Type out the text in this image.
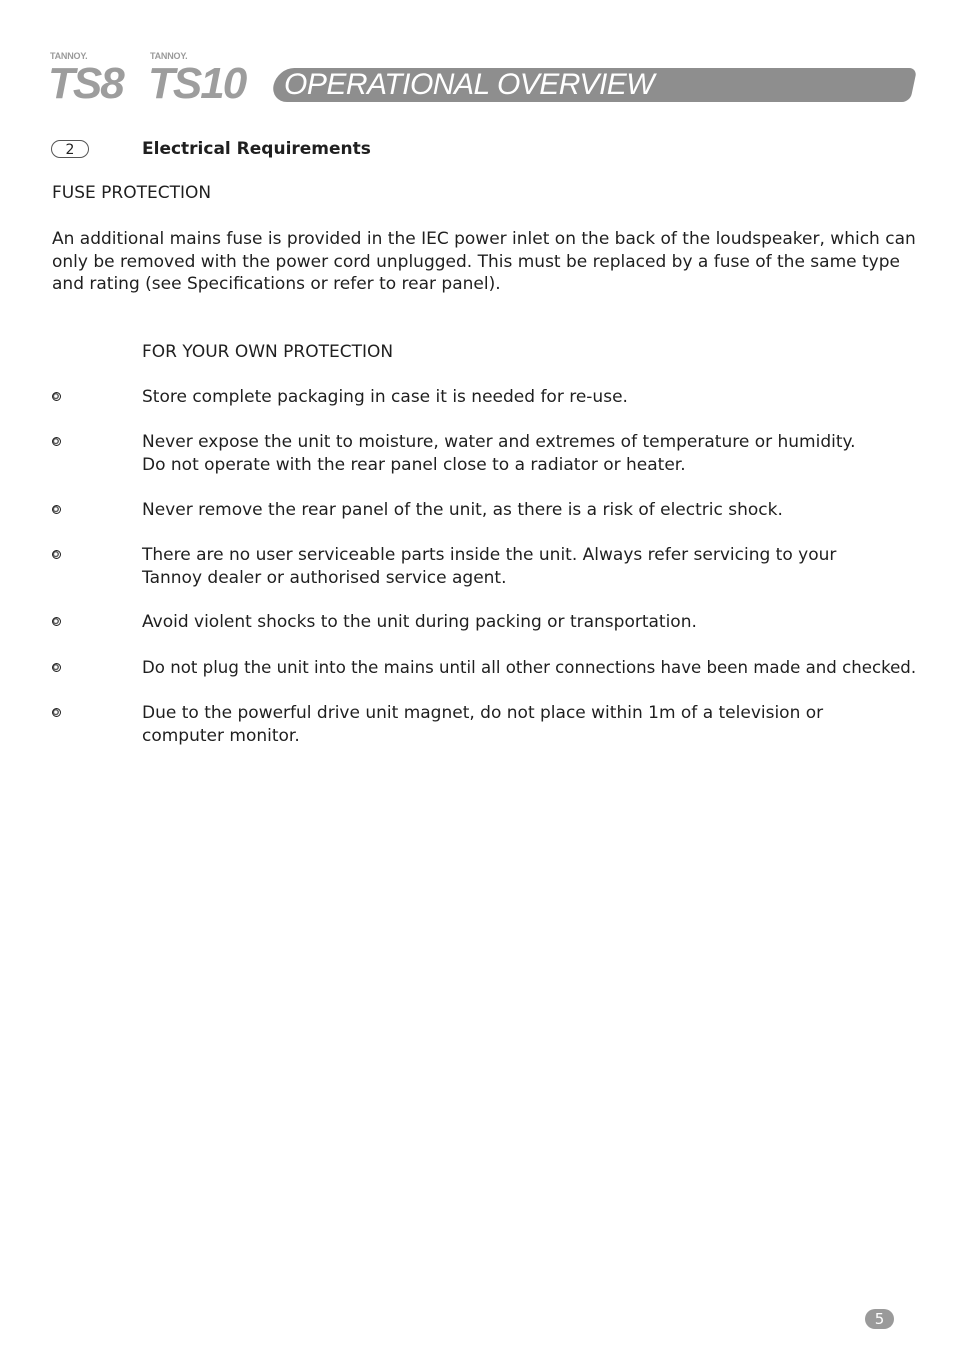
TANNOY.
TS8
TANNOY.
TS10 OPERATIONAL OVERVIEW
2	Electrical Requirements
FUSE PROTECTION
An additional mains fuse is provided in the IEC power inlet on the back of the loudspeaker, which can
only be removed with the power cord unplugged. This must be replaced by a fuse of the same type
and rating (see Specifications or refer to rear panel).
FOR YOUR OWN PROTECTION
Store complete packaging in case it is needed for re-use.
Never expose the unit to moisture, water and extremes of temperature or humidity.
Do not operate with the rear panel close to a radiator or heater.
Never remove the rear panel of the unit, as there is a risk of electric shock.
There are no user serviceable parts inside the unit. Always refer servicing to your
Tannoy dealer or authorised service agent.
Avoid violent shocks to the unit during packing or transportation.
Do not plug the unit into the mains until all other connections have been made and checked.
Due to the powerful drive unit magnet, do not place within 1m of a television or
computer monitor.
5
